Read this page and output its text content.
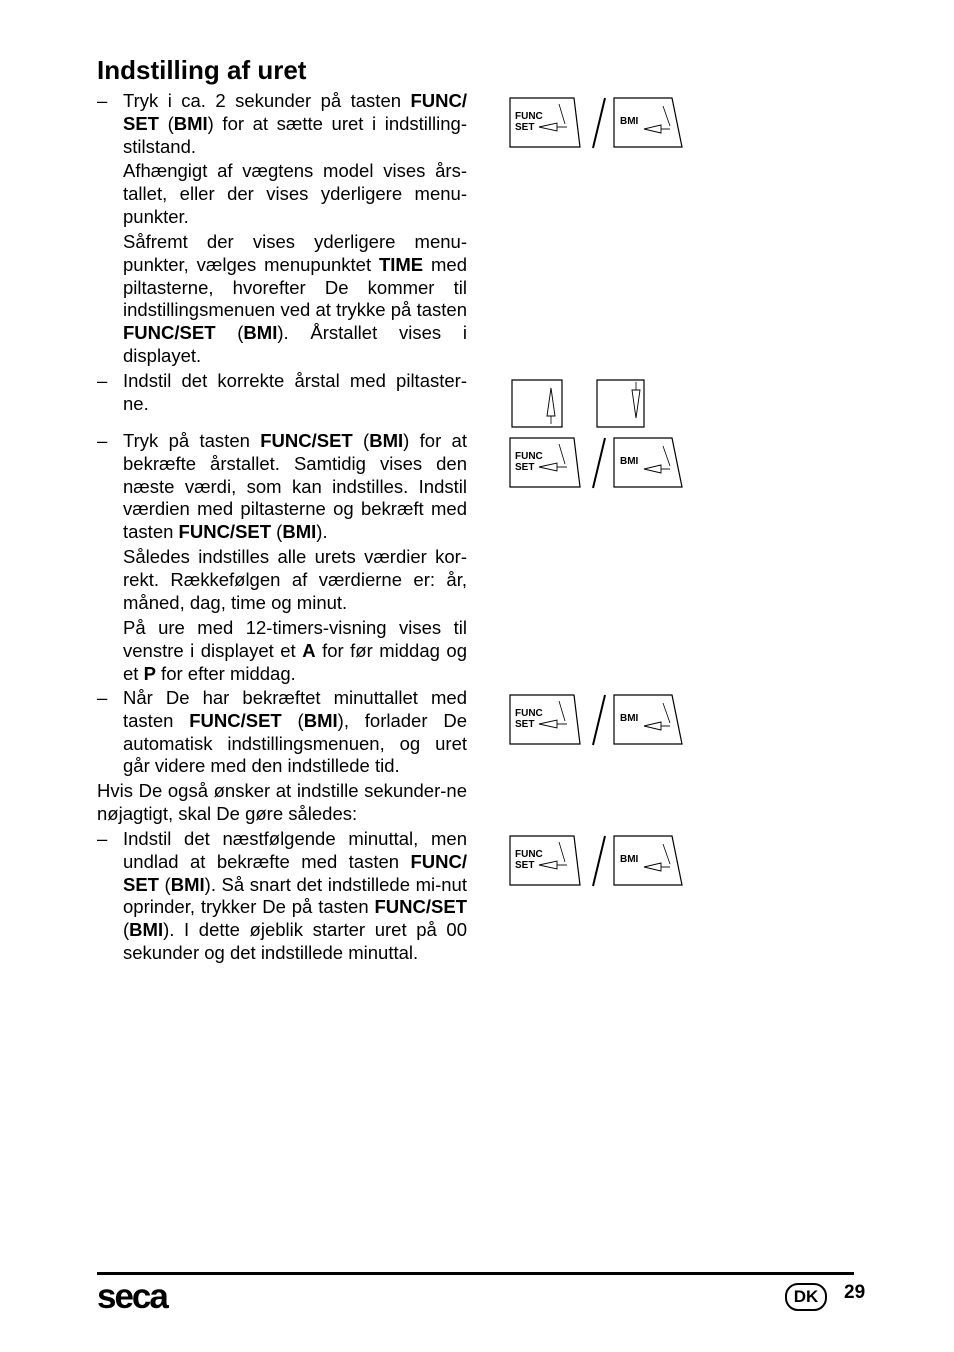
Indstilling af uret
– Tryk i ca. 2 sekunder på tasten FUNC/ SET (BMI) for at sætte uret i indstilling-stilstand.
Afhængigt af vægtens model vises års-tallet, eller der vises yderligere menu-punkter.
Såfremt der vises yderligere menu-punkter, vælges menupunktet TIME med piltasterne, hvorefter De kommer til indstillingsmenuen ved at trykke på tasten FUNC/SET (BMI). Årstallet vises i displayet.
– Indstil det korrekte årstal med piltaster-ne.
– Tryk på tasten FUNC/SET (BMI) for at bekræfte årstallet. Samtidig vises den næste værdi, som kan indstilles. Indstil værdien med piltasterne og bekræft med tasten FUNC/SET (BMI).
Således indstilles alle urets værdier kor-rekt. Rækkefølgen af værdierne er: år, måned, dag, time og minut.
På ure med 12-timers-visning vises til venstre i displayet et A for før middag og et P for efter middag.
– Når De har bekræftet minuttallet med tasten FUNC/SET (BMI), forlader De automatisk indstillingsmenuen, og uret går videre med den indstillede tid.
Hvis De også ønsker at indstille sekunder-ne nøjagtigt, skal De gøre således:
– Indstil det næstfølgende minuttal, men undlad at bekræfte med tasten FUNC/ SET (BMI). Så snart det indstillede mi-nut oprinder, trykker De på tasten FUNC/SET (BMI). I dette øjeblik starter uret på 00 sekunder og det indstillede minuttal.
FUNC
SET
BMI
FUNC
SET
BMI
FUNC
SET
BMI
FUNC
SET
BMI
seca	DK	29
